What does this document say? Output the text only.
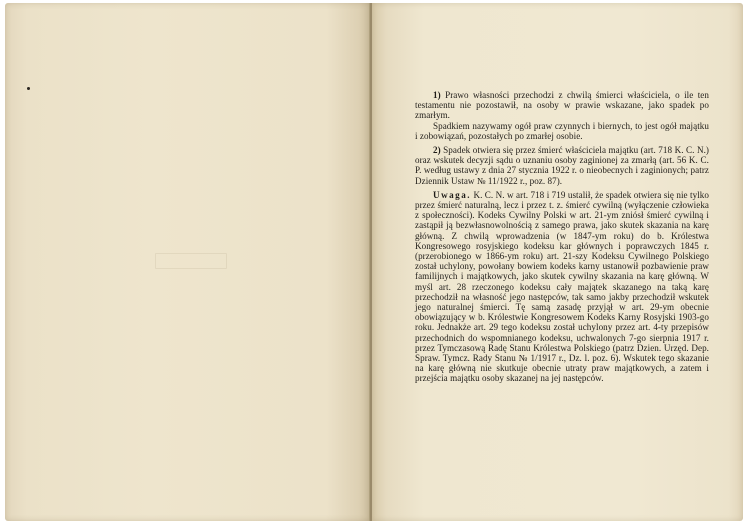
1) Prawo własności przechodzi z chwilą śmierci właściciela, o ile ten testamentu nie pozostawił, na osoby w prawie wskazane, jako spadek po zmarłym.

Spadkiem nazywamy ogół praw czynnych i biernych, to jest ogół majątku i zobowiązań, pozostałych po zmarłej osobie.

2) Spadek otwiera się przez śmierć właściciela majątku (art. 718 K. C. N.) oraz wskutek decyzji sądu o uznaniu osoby zaginionej za zmarłą (art. 56 K. C. P. według ustawy z dnia 27 stycznia 1922 r. o nieobecnych i zaginionych; patrz Dziennik Ustaw № 11/1922 r., poz. 87).

Uwaga. K. C. N. w art. 718 i 719 ustalił, że spadek otwiera się nie tylko przez śmierć naturalną, lecz i przez t. z. śmierć cywilną (wyłączenie człowieka z społeczności). Kodeks Cywilny Polski w art. 21-ym zniósł śmierć cywilną i zastąpił ją bezwłasnowolnością z samego prawa, jako skutek skazania na karę główną. Z chwilą wprowadzenia (w 1847-ym roku) do b. Królestwa Kongresowego rosyjskiego kodeksu kar głównych i poprawczych 1845 r. (przerobionego w 1866-ym roku) art. 21-szy Kodeksu Cywilnego Polskiego został uchylony, powołany bowiem kodeks karny ustanowił pozbawienie praw familijnych i majątkowych, jako skutek cywilny skazania na karę główną. W myśl art. 28 rzeczonego kodeksu cały majątek skazanego na taką karę przechodził na własność jego następców, tak samo jakby przechodził wskutek jego naturalnej śmierci. Tę samą zasadę przyjął w art. 29-ym obecnie obowiązujący w b. Królestwie Kongresowem Kodeks Karny Rosyjski 1903-go roku. Jednakże art. 29 tego kodeksu został uchylony przez art. 4-ty przepisów przechodnich do wspomnianego kodeksu, uchwalonych 7-go sierpnia 1917 r. przez Tymczasową Radę Stanu Królestwa Polskiego (patrz Dzien. Urzęd. Dep. Spraw. Tymcz. Rady Stanu № 1/1917 r., Dz. l. poz. 6). Wskutek tego skazanie na karę główną nie skutkuje obecnie utraty praw majątkowych, a zatem i przejścia majątku osoby skazanej na jej następców.
